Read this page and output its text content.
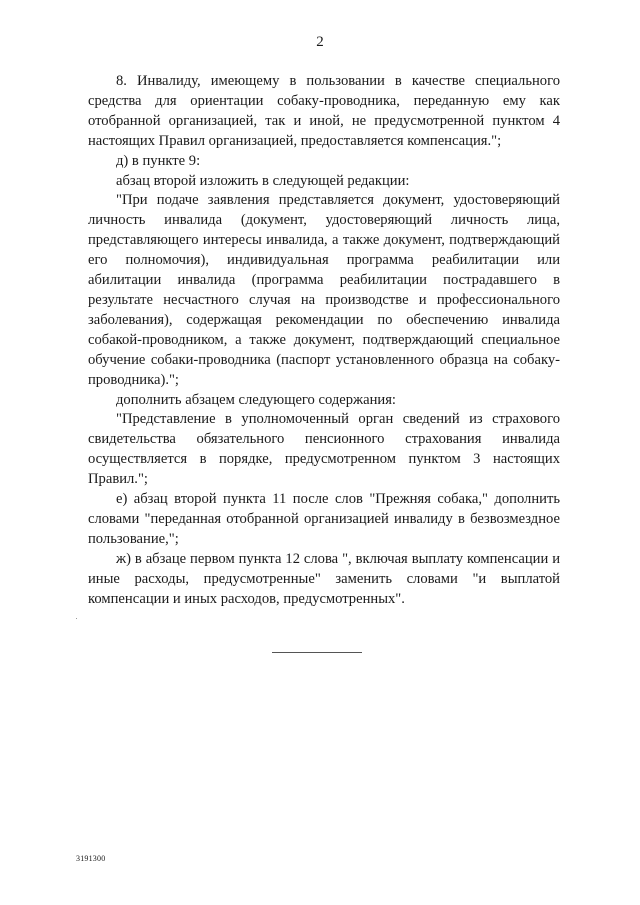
2

8. Инвалиду, имеющему в пользовании в качестве специального средства для ориентации собаку-проводника, переданную ему как отобранной организацией, так и иной, не предусмотренной пунктом 4 настоящих Правил организацией, предоставляется компенсация.";

д) в пункте 9:

абзац второй изложить в следующей редакции:

"При подаче заявления представляется документ, удостоверяющий личность инвалида (документ, удостоверяющий личность лица, представляющего интересы инвалида, а также документ, подтверждающий его полномочия), индивидуальная программа реабилитации или абилитации инвалида (программа реабилитации пострадавшего в результате несчастного случая на производстве и профессионального заболевания), содержащая рекомендации по обеспечению инвалида собакой-проводником, а также документ, подтверждающий специальное обучение собаки-проводника (паспорт установленного образца на собаку-проводника).";

дополнить абзацем следующего содержания:

"Представление в уполномоченный орган сведений из страхового свидетельства обязательного пенсионного страхования инвалида осуществляется в порядке, предусмотренном пунктом 3 настоящих Правил.";

е) абзац второй пункта 11 после слов "Прежняя собака," дополнить словами "переданная отобранной организацией инвалиду в безвозмездное пользование,";

ж) в абзаце первом пункта 12 слова ", включая выплату компенсации и иные расходы, предусмотренные" заменить словами "и выплатой компенсации и иных расходов, предусмотренных".

3191300
